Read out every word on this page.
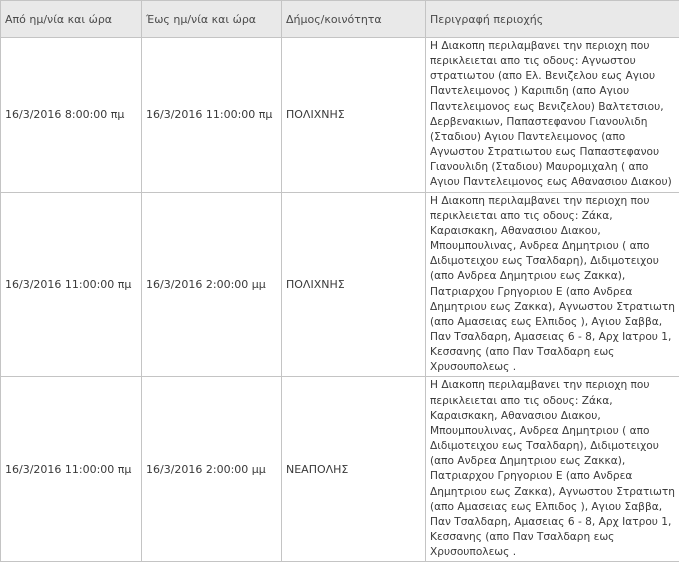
Από ημ/νία και ώρα	Έως ημ/νία και ώρα	Δήμος/κοινότητα	Περιγραφή περιοχής
16/3/2016 8:00:00 πμ	16/3/2016 11:00:00 πμ	ΠΟΛΙΧΝΗΣ	Η Διακοπη περιλαμβανει την περιοχη που περικλειεται απο τις οδους: Αγνωστου στρατιωτου (απο Ελ. Βενιζελου εως Αγιου Παντελειμονος ) Καριπιδη (απο Αγιου Παντελειμονος εως Βενιζελου) Βαλτετσιου, Δερβενακιων, Παπαστεφανου Γιανουλιδη (Σταδιου) Αγιου Παντελειμονος (απο Αγνωστου Στρατιωτου εως Παπαστεφανου Γιανουλιδη (Σταδιου) Μαυρομιχαλη ( απο Αγιου Παντελειμονος εως Αθανασιου Διακου)
16/3/2016 11:00:00 πμ	16/3/2016 2:00:00 μμ	ΠΟΛΙΧΝΗΣ	Η Διακοπη περιλαμβανει την περιοχη που περικλειεται απο τις οδους: Ζάκα, Καραισκακη, Αθανασιου Διακου, Μπουμπουλινας, Ανδρεα Δημητριου ( απο Διδιμοτειχου εως Τσαλδαρη), Διδιμοτειχου (απο Ανδρεα Δημητριου εως Ζακκα), Πατριαρχου Γρηγοριου Ε (απο Ανδρεα Δημητριου εως Ζακκα), Αγνωστου Στρατιωτη (απο Αμασειας εως Ελπιδος ), Αγιου Σαββα, Παν Τσαλδαρη, Αμασειας 6 - 8, Αρχ Ιατρου 1, Κεσσανης (απο Παν Τσαλδαρη εως Χρυσουπολεως .
16/3/2016 11:00:00 πμ	16/3/2016 2:00:00 μμ	ΝΕΑΠΟΛΗΣ	Η Διακοπη περιλαμβανει την περιοχη που περικλειεται απο τις οδους: Ζάκα, Καραισκακη, Αθανασιου Διακου, Μπουμπουλινας, Ανδρεα Δημητριου ( απο Διδιμοτειχου εως Τσαλδαρη), Διδιμοτειχου (απο Ανδρεα Δημητριου εως Ζακκα), Πατριαρχου Γρηγοριου Ε (απο Ανδρεα Δημητριου εως Ζακκα), Αγνωστου Στρατιωτη (απο Αμασειας εως Ελπιδος ), Αγιου Σαββα, Παν Τσαλδαρη, Αμασειας 6 - 8, Αρχ Ιατρου 1, Κεσσανης (απο Παν Τσαλδαρη εως Χρυσουπολεως .
